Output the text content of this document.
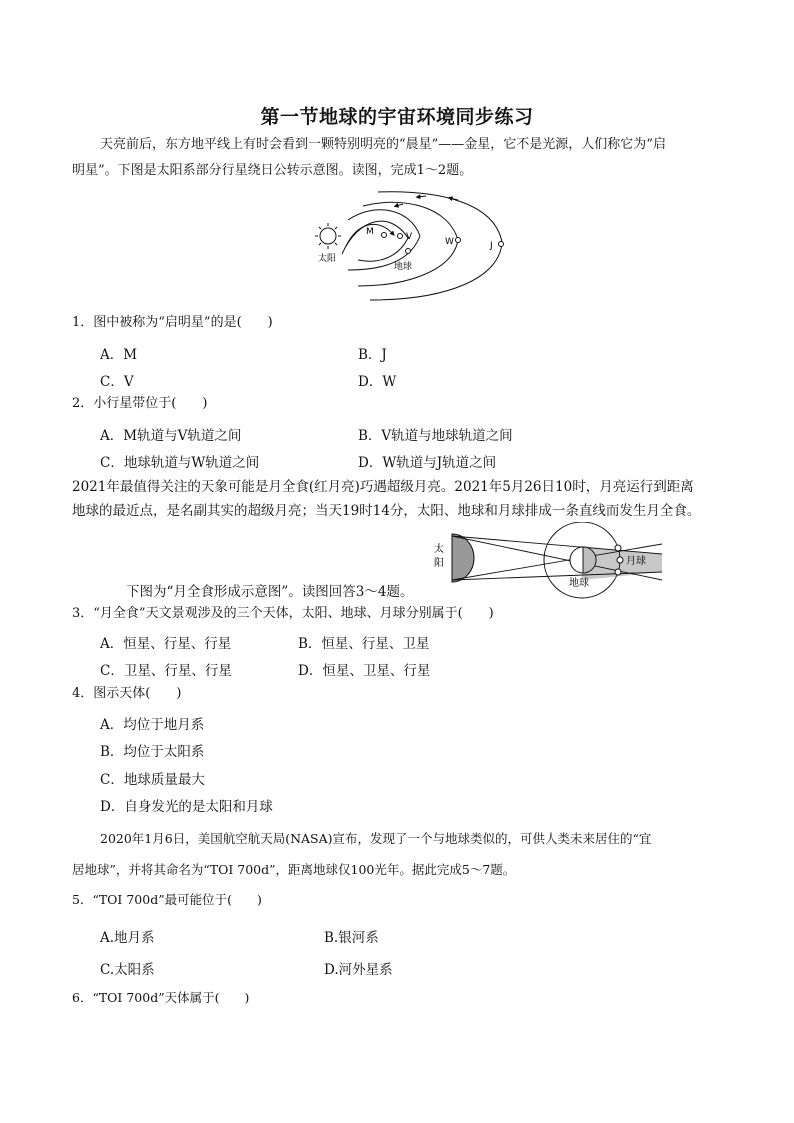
第一节地球的宇宙环境同步练习
天亮前后，东方地平线上有时会看到一颗特别明亮的“晨星”——金星，它不是光源，人们称它为“启
明星”。下图是太阳系部分行星绕日公转示意图。读图，完成1～2题。
太阳
M	V
地球
W	J
1．图中被称为“启明星”的是(　　)
A．M	B．J
C．V	D．W
2．小行星带位于(　　)
A．M轨道与V轨道之间	B．V轨道与地球轨道之间
C．地球轨道与W轨道之间	D．W轨道与J轨道之间
2021年最值得关注的天象可能是月全食(红月亮)巧遇超级月亮。2021年5月26日10时，月亮运行到距离
地球的最近点，是名副其实的超级月亮；当天19时14分，太阳、地球和月球排成一条直线而发生月全食。
太
阳
地球
月球
下图为“月全食形成示意图”。读图回答3～4题。
3．“月全食”天文景观涉及的三个天体，太阳、地球、月球分别属于(　　)
A．恒星、行星、行星	B．恒星、行星、卫星
C．卫星、行星、行星	D．恒星、卫星、行星
4．图示天体(　　)
A．均位于地月系
B．均位于太阳系
C．地球质量最大
D．自身发光的是太阳和月球
2020年1月6日，美国航空航天局(NASA)宣布，发现了一个与地球类似的，可供人类未来居住的“宜
居地球”，并将其命名为“TOI 700d”，距离地球仅100光年。据此完成5～7题。
5．“TOI 700d”最可能位于(　　)
A.地月系	B.银河系
C.太阳系	D.河外星系
6．“TOI 700d”天体属于(　　)
